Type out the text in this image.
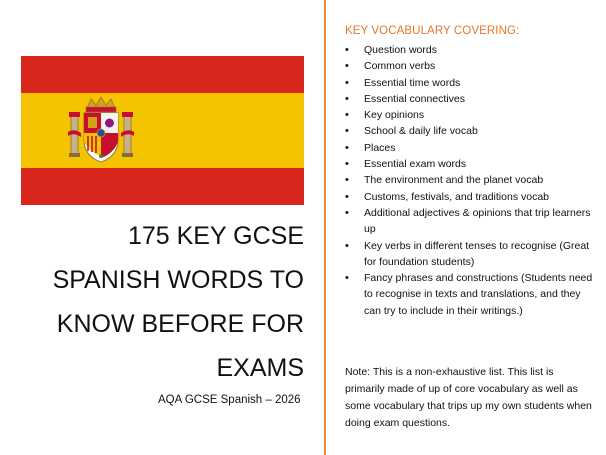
175 KEY GCSE
SPANISH WORDS TO
KNOW BEFORE FOR
EXAMS
AQA GCSE Spanish – 2026
KEY VOCABULARY COVERING:
• Question words
• Common verbs
• Essential time words
• Essential connectives
• Key opinions
• School & daily life vocab
• Places
• Essential exam words
• The environment and the planet vocab
• Customs, festivals, and traditions vocab
• Additional adjectives & opinions that trip learners up
• Key verbs in different tenses to recognise (Great for foundation students)
• Fancy phrases and constructions (Students need to recognise in texts and translations, and they can try to include in their writings.)
Note: This is a non-exhaustive list. This list is primarily made of up of core vocabulary as well as some vocabulary that trips up my own students when doing exam questions.
